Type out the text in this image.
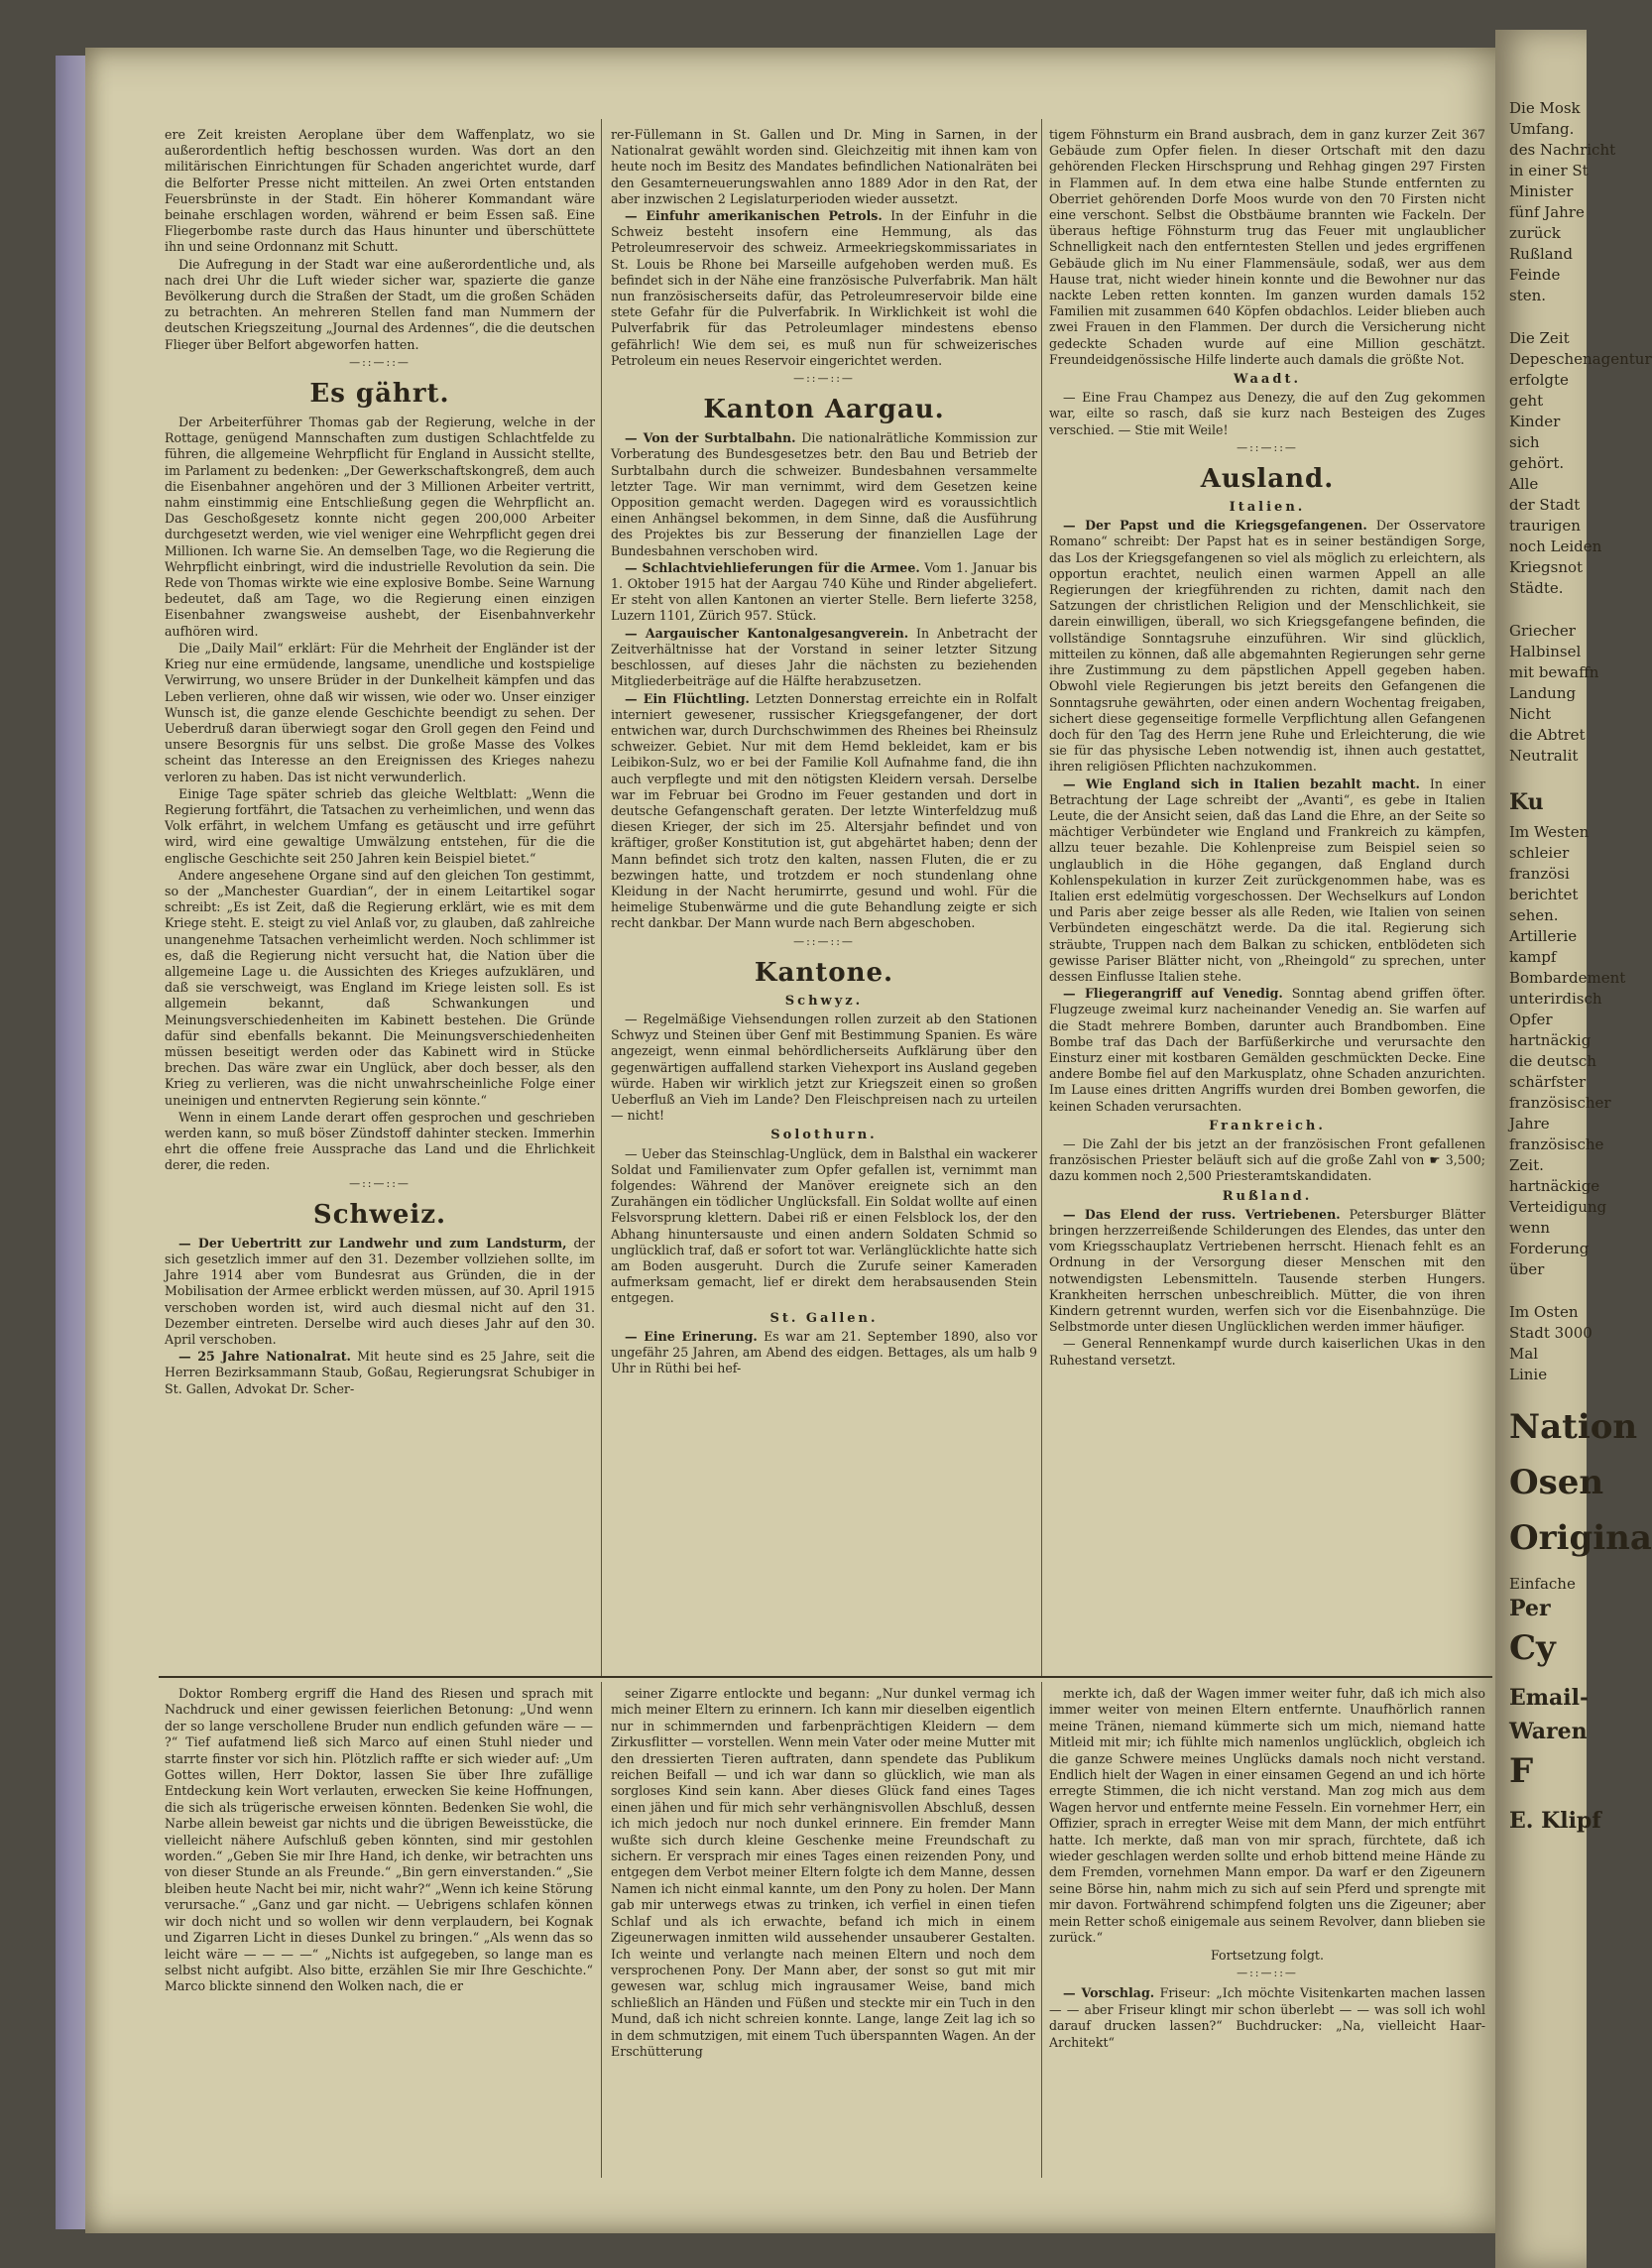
Die Mosk
Umfang.
des Nachricht
in einer St
Minister
fünf Jahre
zurück
Rußland
Feinde
sten.
Die Zeit
Depeschenagentur
erfolgte
geht
Kinder
sich
gehört.
Alle
der Stadt
traurigen
noch Leiden
Kriegsnot
Städte.
Griecher
Halbinsel
mit bewaffn
Landung
Nicht
die Abtret
Neutralit
Ku
Im Westen
schleier
französi
berichtet
sehen.
Artillerie
kampf
Bombardement
unterirdisch
Opfer
hartnäckig
die deutsch
schärfster
französischer
Jahre
französische
Zeit.
hartnäckige
Verteidigung
wenn
Forderung
über
Im Osten
Stadt 3000
Mal
Linie
Nation
Osen
Origina
Einfache
Per
Cy
Email-
Waren
F
E. Klipf

ere Zeit kreisten Aeroplane über dem Waffenplatz, wo sie außerordentlich heftig beschossen wurden. Was dort an den militärischen Einrichtungen für Schaden angerichtet wurde, darf die Belforter Presse nicht mitteilen. An zwei Orten entstanden Feuersbrünste in der Stadt. Ein höherer Kommandant wäre beinahe erschlagen worden, während er beim Essen saß. Eine Fliegerbombe raste durch das Haus hinunter und überschüttete ihn und seine Ordonnanz mit Schutt.

Die Aufregung in der Stadt war eine außerordentliche und, als nach drei Uhr die Luft wieder sicher war, spazierte die ganze Bevölkerung durch die Straßen der Stadt, um die großen Schäden zu betrachten. An mehreren Stellen fand man Nummern der deutschen Kriegszeitung „Journal des Ardennes“, die die deutschen Flieger über Belfort abgeworfen hatten.

—::—::—
Es gährt.

Der Arbeiterführer Thomas gab der Regierung, welche in der Rottage, genügend Mannschaften zum dustigen Schlachtfelde zu führen, die allgemeine Wehrpflicht für England in Aussicht stellte, im Parlament zu bedenken: „Der Gewerkschaftskongreß, dem auch die Eisenbahner angehören und der 3 Millionen Arbeiter vertritt, nahm einstimmig eine Entschließung gegen die Wehrpflicht an. Das Geschoßgesetz konnte nicht gegen 200,000 Arbeiter durchgesetzt werden, wie viel weniger eine Wehrpflicht gegen drei Millionen. Ich warne Sie. An demselben Tage, wo die Regierung die Wehrpflicht einbringt, wird die industrielle Revolution da sein. Die Rede von Thomas wirkte wie eine explosive Bombe. Seine Warnung bedeutet, daß am Tage, wo die Regierung einen einzigen Eisenbahner zwangsweise aushebt, der Eisenbahnverkehr aufhören wird.

Die „Daily Mail“ erklärt: Für die Mehrheit der Engländer ist der Krieg nur eine ermüdende, langsame, unendliche und kostspielige Verwirrung, wo unsere Brüder in der Dunkelheit kämpfen und das Leben verlieren, ohne daß wir wissen, wie oder wo. Unser einziger Wunsch ist, die ganze elende Geschichte beendigt zu sehen. Der Ueberdruß daran überwiegt sogar den Groll gegen den Feind und unsere Besorgnis für uns selbst. Die große Masse des Volkes scheint das Interesse an den Ereignissen des Krieges nahezu verloren zu haben. Das ist nicht verwunderlich.

Einige Tage später schrieb das gleiche Weltblatt: „Wenn die Regierung fortfährt, die Tatsachen zu verheimlichen, und wenn das Volk erfährt, in welchem Umfang es getäuscht und irre geführt wird, wird eine gewaltige Umwälzung entstehen, für die die englische Geschichte seit 250 Jahren kein Beispiel bietet.“

Andere angesehene Organe sind auf den gleichen Ton gestimmt, so der „Manchester Guardian“, der in einem Leitartikel sogar schreibt: „Es ist Zeit, daß die Regierung erklärt, wie es mit dem Kriege steht. E. steigt zu viel Anlaß vor, zu glauben, daß zahlreiche unangenehme Tatsachen verheimlicht werden. Noch schlimmer ist es, daß die Regierung nicht versucht hat, die Nation über die allgemeine Lage u. die Aussichten des Krieges aufzuklären, und daß sie verschweigt, was England im Kriege leisten soll. Es ist allgemein bekannt, daß Schwankungen und Meinungsverschiedenheiten im Kabinett bestehen. Die Gründe dafür sind ebenfalls bekannt. Die Meinungsverschiedenheiten müssen beseitigt werden oder das Kabinett wird in Stücke brechen. Das wäre zwar ein Unglück, aber doch besser, als den Krieg zu verlieren, was die nicht unwahrscheinliche Folge einer uneinigen und entnervten Regierung sein könnte.“

Wenn in einem Lande derart offen gesprochen und geschrieben werden kann, so muß böser Zündstoff dahinter stecken. Immerhin ehrt die offene freie Aussprache das Land und die Ehrlichkeit derer, die reden.

—::—::—
Schweiz.

— Der Uebertritt zur Landwehr und zum Landsturm, der sich gesetzlich immer auf den 31. Dezember vollziehen sollte, im Jahre 1914 aber vom Bundesrat aus Gründen, die in der Mobilisation der Armee erblickt werden müssen, auf 30. April 1915 verschoben worden ist, wird auch diesmal nicht auf den 31. Dezember eintreten. Derselbe wird auch dieses Jahr auf den 30. April verschoben.

— 25 Jahre Nationalrat. Mit heute sind es 25 Jahre, seit die Herren Bezirksammann Staub, Goßau, Regierungsrat Schubiger in St. Gallen, Advokat Dr. Scher-

rer-Füllemann in St. Gallen und Dr. Ming in Sarnen, in der Nationalrat gewählt worden sind. Gleichzeitig mit ihnen kam von heute noch im Besitz des Mandates befindlichen Nationalräten bei den Gesamterneuerungswahlen anno 1889 Ador in den Rat, der aber inzwischen 2 Legislaturperioden wieder aussetzt.

— Einfuhr amerikanischen Petrols. In der Einfuhr in die Schweiz besteht insofern eine Hemmung, als das Petroleumreservoir des schweiz. Armeekriegskommissariates in St. Louis be Rhone bei Marseille aufgehoben werden muß. Es befindet sich in der Nähe eine französische Pulverfabrik. Man hält nun französischerseits dafür, das Petroleumreservoir bilde eine stete Gefahr für die Pulverfabrik. In Wirklichkeit ist wohl die Pulverfabrik für das Petroleumlager mindestens ebenso gefährlich! Wie dem sei, es muß nun für schweizerisches Petroleum ein neues Reservoir eingerichtet werden.

—::—::—
Kanton Aargau.

— Von der Surbtalbahn. Die nationalrätliche Kommission zur Vorberatung des Bundesgesetzes betr. den Bau und Betrieb der Surbtalbahn durch die schweizer. Bundesbahnen versammelte letzter Tage. Wir man vernimmt, wird dem Gesetzen keine Opposition gemacht werden. Dagegen wird es voraussichtlich einen Anhängsel bekommen, in dem Sinne, daß die Ausführung des Projektes bis zur Besserung der finanziellen Lage der Bundesbahnen verschoben wird.

— Schlachtviehlieferungen für die Armee. Vom 1. Januar bis 1. Oktober 1915 hat der Aargau 740 Kühe und Rinder abgeliefert. Er steht von allen Kantonen an vierter Stelle. Bern lieferte 3258, Luzern 1101, Zürich 957. Stück.

— Aargauischer Kantonalgesangverein. In Anbetracht der Zeitverhältnisse hat der Vorstand in seiner letzter Sitzung beschlossen, auf dieses Jahr die nächsten zu beziehenden Mitgliederbeiträge auf die Hälfte herabzusetzen.

— Ein Flüchtling. Letzten Donnerstag erreichte ein in Rolfalt interniert gewesener, russischer Kriegsgefangener, der dort entwichen war, durch Durchschwimmen des Rheines bei Rheinsulz schweizer. Gebiet. Nur mit dem Hemd bekleidet, kam er bis Leibikon-Sulz, wo er bei der Familie Koll Aufnahme fand, die ihn auch verpflegte und mit den nötigsten Kleidern versah. Derselbe war im Februar bei Grodno im Feuer gestanden und dort in deutsche Gefangenschaft geraten. Der letzte Winterfeldzug muß diesen Krieger, der sich im 25. Altersjahr befindet und von kräftiger, großer Konstitution ist, gut abgehärtet haben; denn der Mann befindet sich trotz den kalten, nassen Fluten, die er zu bezwingen hatte, und trotzdem er noch stundenlang ohne Kleidung in der Nacht herumirrte, gesund und wohl. Für die heimelige Stubenwärme und die gute Behandlung zeigte er sich recht dankbar. Der Mann wurde nach Bern abgeschoben.

—::—::—
Kantone.
Schwyz.

— Regelmäßige Viehsendungen rollen zurzeit ab den Stationen Schwyz und Steinen über Genf mit Bestimmung Spanien. Es wäre angezeigt, wenn einmal behördlicherseits Aufklärung über den gegenwärtigen auffallend starken Viehexport ins Ausland gegeben würde. Haben wir wirklich jetzt zur Kriegszeit einen so großen Ueberfluß an Vieh im Lande? Den Fleischpreisen nach zu urteilen — nicht!

Solothurn.

— Ueber das Steinschlag-Unglück, dem in Balsthal ein wackerer Soldat und Familienvater zum Opfer gefallen ist, vernimmt man folgendes: Während der Manöver ereignete sich an den Zurahängen ein tödlicher Unglücksfall. Ein Soldat wollte auf einen Felsvorsprung klettern. Dabei riß er einen Felsblock los, der den Abhang hinuntersauste und einen andern Soldaten Schmid so unglücklich traf, daß er sofort tot war. Verlänglücklichte hatte sich am Boden ausgeruht. Durch die Zurufe seiner Kameraden aufmerksam gemacht, lief er direkt dem herabsausenden Stein entgegen.

St. Gallen.

— Eine Erinerung. Es war am 21. September 1890, also vor ungefähr 25 Jahren, am Abend des eidgen. Bettages, als um halb 9 Uhr in Rüthi bei hef-

tigem Föhnsturm ein Brand ausbrach, dem in ganz kurzer Zeit 367 Gebäude zum Opfer fielen. In dieser Ortschaft mit den dazu gehörenden Flecken Hirschsprung und Rehhag gingen 297 Firsten in Flammen auf. In dem etwa eine halbe Stunde entfernten zu Oberriet gehörenden Dorfe Moos wurde von den 70 Firsten nicht eine verschont. Selbst die Obstbäume brannten wie Fackeln. Der überaus heftige Föhnsturm trug das Feuer mit unglaublicher Schnelligkeit nach den entferntesten Stellen und jedes ergriffenen Gebäude glich im Nu einer Flammensäule, sodaß, wer aus dem Hause trat, nicht wieder hinein konnte und die Bewohner nur das nackte Leben retten konnten. Im ganzen wurden damals 152 Familien mit zusammen 640 Köpfen obdachlos. Leider blieben auch zwei Frauen in den Flammen. Der durch die Versicherung nicht gedeckte Schaden wurde auf eine Million geschätzt. Freundeidgenössische Hilfe linderte auch damals die größte Not.

Waadt.

— Eine Frau Champez aus Denezy, die auf den Zug gekommen war, eilte so rasch, daß sie kurz nach Besteigen des Zuges verschied. — Stie mit Weile!

—::—::—
Ausland.
Italien.

— Der Papst und die Kriegsgefangenen. Der Osservatore Romano“ schreibt: Der Papst hat es in seiner beständigen Sorge, das Los der Kriegsgefangenen so viel als möglich zu erleichtern, als opportun erachtet, neulich einen warmen Appell an alle Regierungen der kriegführenden zu richten, damit nach den Satzungen der christlichen Religion und der Menschlichkeit, sie darein einwilligen, überall, wo sich Kriegsgefangene befinden, die vollständige Sonntagsruhe einzuführen. Wir sind glücklich, mitteilen zu können, daß alle abgemahnten Regierungen sehr gerne ihre Zustimmung zu dem päpstlichen Appell gegeben haben. Obwohl viele Regierungen bis jetzt bereits den Gefangenen die Sonntagsruhe gewährten, oder einen andern Wochentag freigaben, sichert diese gegenseitige formelle Verpflichtung allen Gefangenen doch für den Tag des Herrn jene Ruhe und Erleichterung, die wie sie für das physische Leben notwendig ist, ihnen auch gestattet, ihren religiösen Pflichten nachzukommen.

— Wie England sich in Italien bezahlt macht. In einer Betrachtung der Lage schreibt der „Avanti“, es gebe in Italien Leute, die der Ansicht seien, daß das Land die Ehre, an der Seite so mächtiger Verbündeter wie England und Frankreich zu kämpfen, allzu teuer bezahle. Die Kohlenpreise zum Beispiel seien so unglaublich in die Höhe gegangen, daß England durch Kohlenspekulation in kurzer Zeit zurückgenommen habe, was es Italien erst edelmütig vorgeschossen. Der Wechselkurs auf London und Paris aber zeige besser als alle Reden, wie Italien von seinen Verbündeten eingeschätzt werde. Da die ital. Regierung sich sträubte, Truppen nach dem Balkan zu schicken, entblödeten sich gewisse Pariser Blätter nicht, von „Rheingold“ zu sprechen, unter dessen Einflusse Italien stehe.

— Fliegerangriff auf Venedig. Sonntag abend griffen öfter. Flugzeuge zweimal kurz nacheinander Venedig an. Sie warfen auf die Stadt mehrere Bomben, darunter auch Brandbomben. Eine Bombe traf das Dach der Barfüßerkirche und verursachte den Einsturz einer mit kostbaren Gemälden geschmückten Decke. Eine andere Bombe fiel auf den Markusplatz, ohne Schaden anzurichten. Im Lause eines dritten Angriffs wurden drei Bomben geworfen, die keinen Schaden verursachten.

Frankreich.

— Die Zahl der bis jetzt an der französischen Front gefallenen französischen Priester beläuft sich auf die große Zahl von ☛ 3,500; dazu kommen noch 2,500 Priesteramtskandidaten.

Rußland.

— Das Elend der russ. Vertriebenen. Petersburger Blätter bringen herzzerreißende Schilderungen des Elendes, das unter den vom Kriegsschauplatz Vertriebenen herrscht. Hienach fehlt es an Ordnung in der Versorgung dieser Menschen mit den notwendigsten Lebensmitteln. Tausende sterben Hungers. Krankheiten herrschen unbeschreiblich. Mütter, die von ihren Kindern getrennt wurden, werfen sich vor die Eisenbahnzüge. Die Selbstmorde unter diesen Unglücklichen werden immer häufiger.

— General Rennenkampf wurde durch kaiserlichen Ukas in den Ruhestand versetzt.

Doktor Romberg ergriff die Hand des Riesen und sprach mit Nachdruck und einer gewissen feierlichen Betonung: „Und wenn der so lange verschollene Bruder nun endlich gefunden wäre — — ?“ Tief aufatmend ließ sich Marco auf einen Stuhl nieder und starrte finster vor sich hin. Plötzlich raffte er sich wieder auf: „Um Gottes willen, Herr Doktor, lassen Sie über Ihre zufällige Entdeckung kein Wort verlauten, erwecken Sie keine Hoffnungen, die sich als trügerische erweisen könnten. Bedenken Sie wohl, die Narbe allein beweist gar nichts und die übrigen Beweisstücke, die vielleicht nähere Aufschluß geben könnten, sind mir gestohlen worden.“ „Geben Sie mir Ihre Hand, ich denke, wir betrachten uns von dieser Stunde an als Freunde.“ „Bin gern einverstanden.“ „Sie bleiben heute Nacht bei mir, nicht wahr?“ „Wenn ich keine Störung verursache.“ „Ganz und gar nicht. — Uebrigens schlafen können wir doch nicht und so wollen wir denn verplaudern, bei Kognak und Zigarren Licht in dieses Dunkel zu bringen.“ „Als wenn das so leicht wäre — — — —“ „Nichts ist aufgegeben, so lange man es selbst nicht aufgibt. Also bitte, erzählen Sie mir Ihre Geschichte.“ Marco blickte sinnend den Wolken nach, die er

seiner Zigarre entlockte und begann: „Nur dunkel vermag ich mich meiner Eltern zu erinnern. Ich kann mir dieselben eigentlich nur in schimmernden und farbenprächtigen Kleidern — dem Zirkusflitter — vorstellen. Wenn mein Vater oder meine Mutter mit den dressierten Tieren auftraten, dann spendete das Publikum reichen Beifall — und ich war dann so glücklich, wie man als sorgloses Kind sein kann. Aber dieses Glück fand eines Tages einen jähen und für mich sehr verhängnisvollen Abschluß, dessen ich mich jedoch nur noch dunkel erinnere. Ein fremder Mann wußte sich durch kleine Geschenke meine Freundschaft zu sichern. Er versprach mir eines Tages einen reizenden Pony, und entgegen dem Verbot meiner Eltern folgte ich dem Manne, dessen Namen ich nicht einmal kannte, um den Pony zu holen. Der Mann gab mir unterwegs etwas zu trinken, ich verfiel in einen tiefen Schlaf und als ich erwachte, befand ich mich in einem Zigeunerwagen inmitten wild aussehender unsauberer Gestalten. Ich weinte und verlangte nach meinen Eltern und noch dem versprochenen Pony. Der Mann aber, der sonst so gut mit mir gewesen war, schlug mich ingrausamer Weise, band mich schließlich an Händen und Füßen und steckte mir ein Tuch in den Mund, daß ich nicht schreien konnte. Lange, lange Zeit lag ich so in dem schmutzigen, mit einem Tuch überspannten Wagen. An der Erschütterung

merkte ich, daß der Wagen immer weiter fuhr, daß ich mich also immer weiter von meinen Eltern entfernte. Unaufhörlich rannen meine Tränen, niemand kümmerte sich um mich, niemand hatte Mitleid mit mir; ich fühlte mich namenlos unglücklich, obgleich ich die ganze Schwere meines Unglücks damals noch nicht verstand. Endlich hielt der Wagen in einer einsamen Gegend an und ich hörte erregte Stimmen, die ich nicht verstand. Man zog mich aus dem Wagen hervor und entfernte meine Fesseln. Ein vornehmer Herr, ein Offizier, sprach in erregter Weise mit dem Mann, der mich entführt hatte. Ich merkte, daß man von mir sprach, fürchtete, daß ich wieder geschlagen werden sollte und erhob bittend meine Hände zu dem Fremden, vornehmen Mann empor. Da warf er den Zigeunern seine Börse hin, nahm mich zu sich auf sein Pferd und sprengte mit mir davon. Fortwährend schimpfend folgten uns die Zigeuner; aber mein Retter schoß einigemale aus seinem Revolver, dann blieben sie zurück.“

Fortsetzung folgt.

—::—::—

— Vorschlag. Friseur: „Ich möchte Visitenkarten machen lassen — — aber Friseur klingt mir schon überlebt — — was soll ich wohl darauf drucken lassen?“ Buchdrucker: „Na, vielleicht Haar-Architekt“
